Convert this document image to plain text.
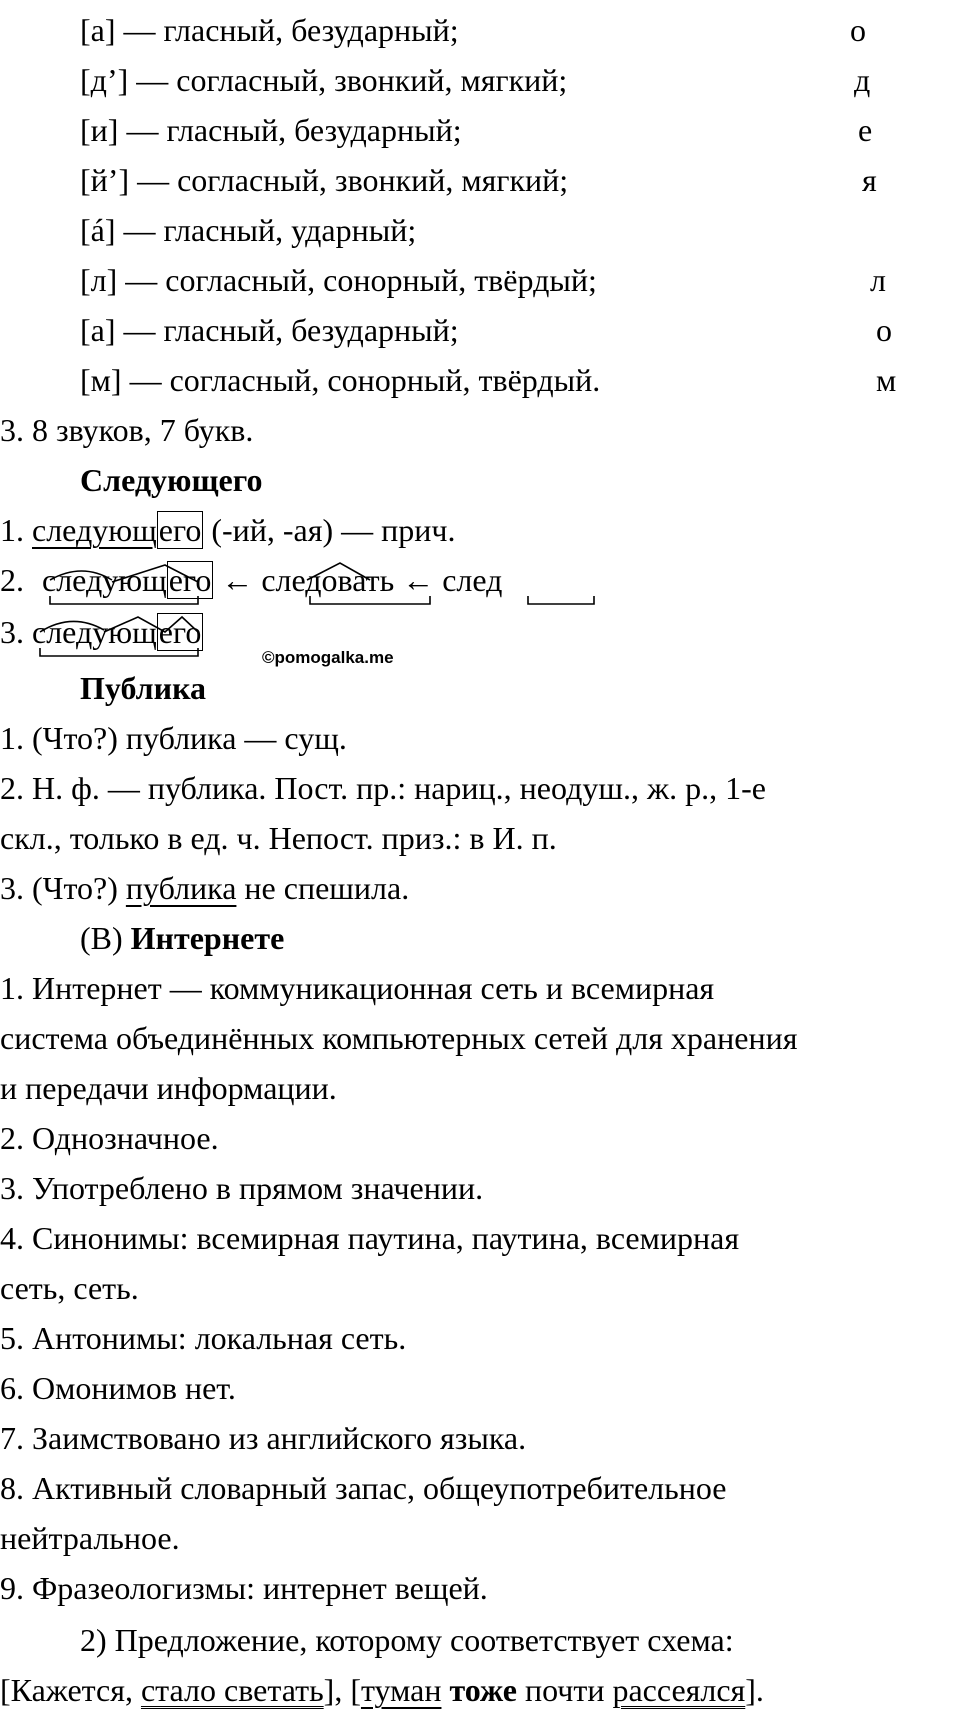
[а] — гласный, безударный;	о
[д’] — согласный, звонкий, мягкий;	д
[и] — гласный, безударный;	е
[й’] — согласный, звонкий, мягкий;	я
[á] — гласный, ударный;
[л] — согласный, сонорный, твёрдый;	л
[а] — гласный, безударный;	о
[м] — согласный, сонорный, твёрдый.	м
3. 8 звуков, 7 букв.
Следующего
1. следующего (-ий, -ая) — прич.
2. следующего ← следовать ← след
3. следующего
©pomogalka.me
Публика
1. (Что?) публика — сущ.
2. Н. ф. — публика. Пост. пр.: нариц., неодуш., ж. р., 1-е
скл., только в ед. ч. Непост. приз.: в И. п.
3. (Что?) публика не спешила.
(В) Интернете
1. Интернет — коммуникационная сеть и всемирная
система объединённых компьютерных сетей для хранения
и передачи информации.
2. Однозначное.
3. Употреблено в прямом значении.
4. Синонимы: всемирная паутина, паутина, всемирная
сеть, сеть.
5. Антонимы: локальная сеть.
6. Омонимов нет.
7. Заимствовано из английского языка.
8. Активный словарный запас, общеупотребительное
нейтральное.
9. Фразеологизмы: интернет вещей.
2) Предложение, которому соответствует схема:
[Кажется, стало светать], [туман тоже почти рассеялся].
